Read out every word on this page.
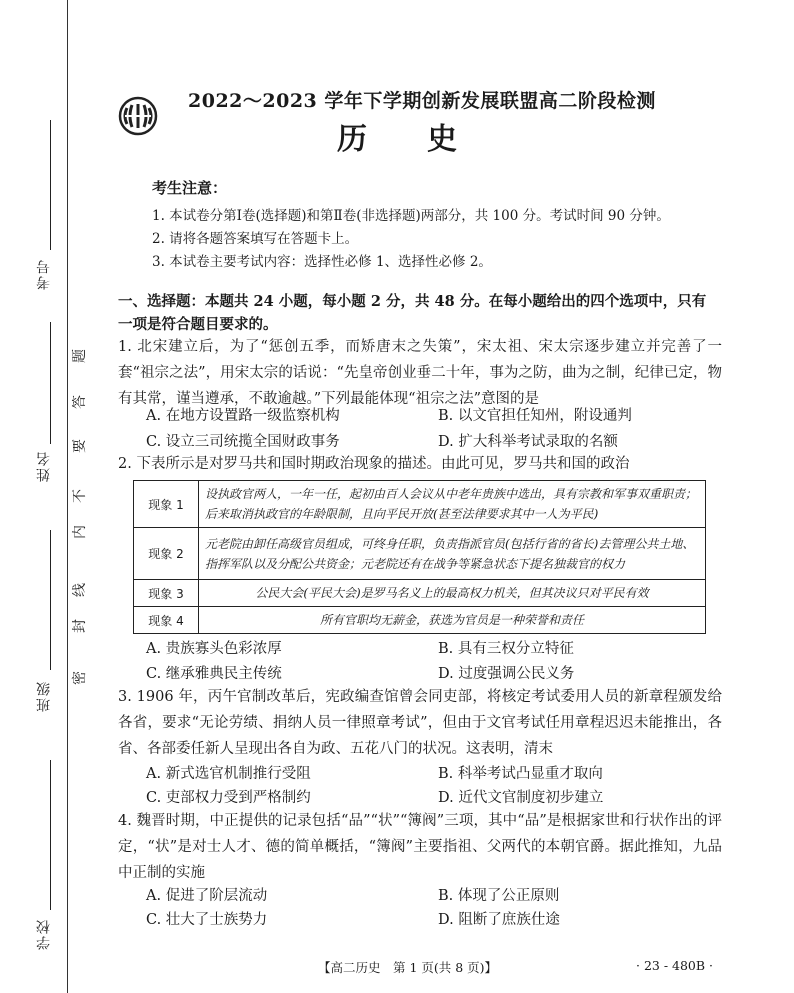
考号
姓名
班级
学校
密
封
线
内
不
要
答
题
2022～2023 学年下学期创新发展联盟高二阶段检测
历史
考生注意：
1. 本试卷分第Ⅰ卷(选择题)和第Ⅱ卷(非选择题)两部分，共 100 分。考试时间 90 分钟。
2. 请将各题答案填写在答题卡上。
3. 本试卷主要考试内容：选择性必修 1、选择性必修 2。
一、选择题：本题共 24 小题，每小题 2 分，共 48 分。在每小题给出的四个选项中，只有一项是符合题目要求的。
1. 北宋建立后，为了“惩创五季，而矫唐末之失策”，宋太祖、宋太宗逐步建立并完善了一套“祖宗之法”，用宋太宗的话说：“先皇帝创业垂二十年，事为之防，曲为之制，纪律已定，物有其常，谨当遵承，不敢逾越。”下列最能体现“祖宗之法”意图的是
A. 在地方设置路一级监察机构	B. 以文官担任知州，附设通判
C. 设立三司统揽全国财政事务	D. 扩大科举考试录取的名额
2. 下表所示是对罗马共和国时期政治现象的描述。由此可见，罗马共和国的政治
现象 1	设执政官两人，一年一任，起初由百人会议从中老年贵族中选出，具有宗教和军事双重职责；后来取消执政官的年龄限制，且向平民开放(甚至法律要求其中一人为平民)
现象 2	元老院由卸任高级官员组成，可终身任职，负责指派官员(包括行省的省长)去管理公共土地、指挥军队以及分配公共资金；元老院还有在战争等紧急状态下提名独裁官的权力
现象 3	公民大会(平民大会)是罗马名义上的最高权力机关，但其决议只对平民有效
现象 4	所有官职均无薪金，获选为官员是一种荣誉和责任
A. 贵族寡头色彩浓厚	B. 具有三权分立特征
C. 继承雅典民主传统	D. 过度强调公民义务
3. 1906 年，丙午官制改革后，宪政编查馆曾会同吏部，将核定考试委用人员的新章程颁发给各省，要求“无论劳绩、捐纳人员一律照章考试”，但由于文官考试任用章程迟迟未能推出，各省、各部委任新人呈现出各自为政、五花八门的状况。这表明，清末
A. 新式选官机制推行受阻	B. 科举考试凸显重才取向
C. 吏部权力受到严格制约	D. 近代文官制度初步建立
4. 魏晋时期，中正提供的记录包括“品”“状”“簿阀”三项，其中“品”是根据家世和行状作出的评定，“状”是对士人才、德的简单概括，“簿阀”主要指祖、父两代的本朝官爵。据此推知，九品中正制的实施
A. 促进了阶层流动	B. 体现了公正原则
C. 壮大了士族势力	D. 阻断了庶族仕途
【高二历史　第 1 页(共 8 页)】	· 23 - 480B ·
